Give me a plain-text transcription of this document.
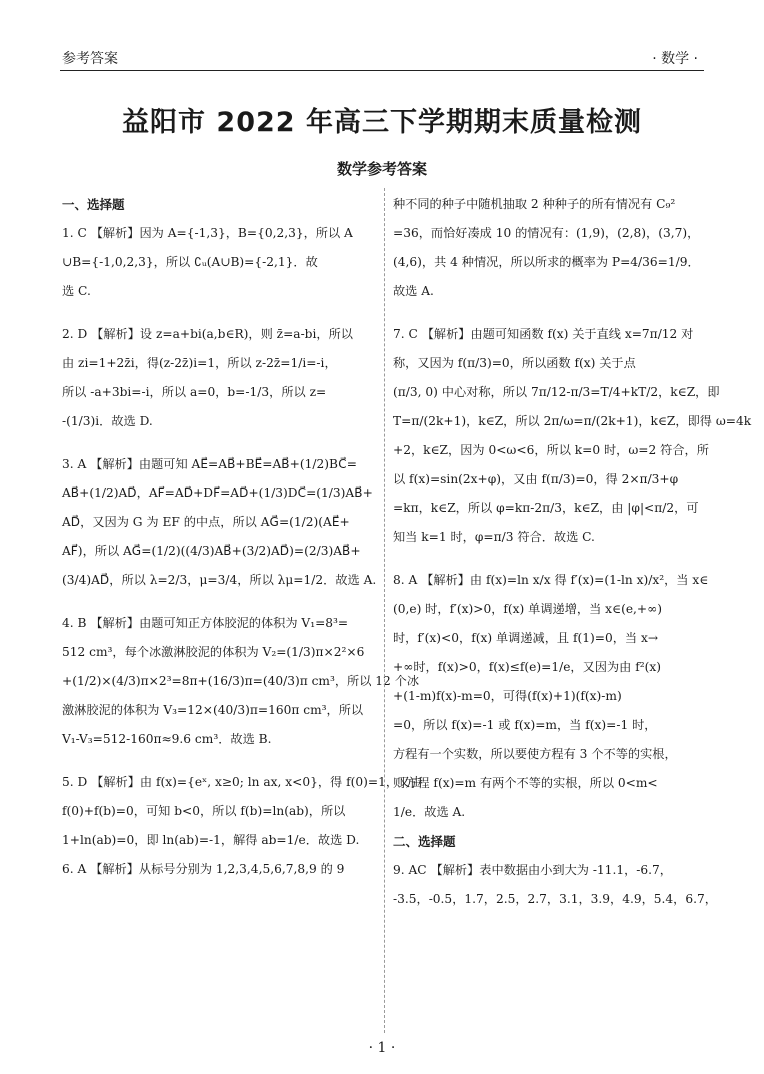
参考答案	· 数学 ·
益阳市 2022 年高三下学期期末质量检测
数学参考答案
一、选择题
1. C 【解析】因为 A={-1,3}，B={0,2,3}，所以 A
∪B={-1,0,2,3}，所以 ∁ᵤ(A∪B)={-2,1}．故
选 C.
2. D 【解析】设 z=a+bi(a,b∈R)，则 z̄=a-bi，所以
由 zi=1+2z̄i，得(z-2z̄)i=1，所以 z-2z̄=1/i=-i，
所以 -a+3bi=-i，所以 a=0，b=-1/3，所以 z=
-(1/3)i．故选 D.
3. A 【解析】由题可知 AE⃗=AB⃗+BE⃗=AB⃗+(1/2)BC⃗=
AB⃗+(1/2)AD⃗，AF⃗=AD⃗+DF⃗=AD⃗+(1/3)DC⃗=(1/3)AB⃗+
AD⃗，又因为 G 为 EF 的中点，所以 AG⃗=(1/2)(AE⃗+
AF⃗)，所以 AG⃗=(1/2)((4/3)AB⃗+(3/2)AD⃗)=(2/3)AB⃗+
(3/4)AD⃗，所以 λ=2/3，μ=3/4，所以 λμ=1/2．故选 A.
4. B 【解析】由题可知正方体胶泥的体积为 V₁=8³=
512 cm³，每个冰激淋胶泥的体积为 V₂=(1/3)π×2²×6
+(1/2)×(4/3)π×2³=8π+(16/3)π=(40/3)π cm³，所以 12 个冰
激淋胶泥的体积为 V₃=12×(40/3)π=160π cm³，所以
V₁-V₃=512-160π≈9.6 cm³．故选 B.
5. D 【解析】由 f(x)={eˣ, x≥0; ln ax, x<0}，得 f(0)=1，又由
f(0)+f(b)=0，可知 b<0，所以 f(b)=ln(ab)，所以
1+ln(ab)=0，即 ln(ab)=-1，解得 ab=1/e．故选 D.
6. A 【解析】从标号分别为 1,2,3,4,5,6,7,8,9 的 9
种不同的种子中随机抽取 2 种种子的所有情况有 C₉²
=36，而恰好凑成 10 的情况有：(1,9)，(2,8)，(3,7)，
(4,6)，共 4 种情况，所以所求的概率为 P=4/36=1/9．
故选 A.
7. C 【解析】由题可知函数 f(x) 关于直线 x=7π/12 对
称，又因为 f(π/3)=0，所以函数 f(x) 关于点
(π/3, 0) 中心对称，所以 7π/12-π/3=T/4+kT/2，k∈Z，即
T=π/(2k+1)，k∈Z，所以 2π/ω=π/(2k+1)，k∈Z，即得 ω=4k
+2，k∈Z，因为 0<ω<6，所以 k=0 时，ω=2 符合，所
以 f(x)=sin(2x+φ)，又由 f(π/3)=0，得 2×π/3+φ
=kπ，k∈Z，所以 φ=kπ-2π/3，k∈Z，由 |φ|<π/2，可
知当 k=1 时，φ=π/3 符合．故选 C.
8. A 【解析】由 f(x)=ln x/x 得 f′(x)=(1-ln x)/x²，当 x∈
(0,e) 时，f′(x)>0，f(x) 单调递增，当 x∈(e,+∞)
时，f′(x)<0，f(x) 单调递减，且 f(1)=0，当 x→
+∞时，f(x)>0，f(x)≤f(e)=1/e，又因为由 f²(x)
+(1-m)f(x)-m=0，可得(f(x)+1)(f(x)-m)
=0，所以 f(x)=-1 或 f(x)=m，当 f(x)=-1 时，
方程有一个实数，所以要使方程有 3 个不等的实根，
则方程 f(x)=m 有两个不等的实根，所以 0<m<
1/e．故选 A.
二、选择题
9. AC 【解析】表中数据由小到大为 -11.1，-6.7，
-3.5，-0.5，1.7，2.5，2.7，3.1，3.9，4.9，5.4，6.7，
· 1 ·
